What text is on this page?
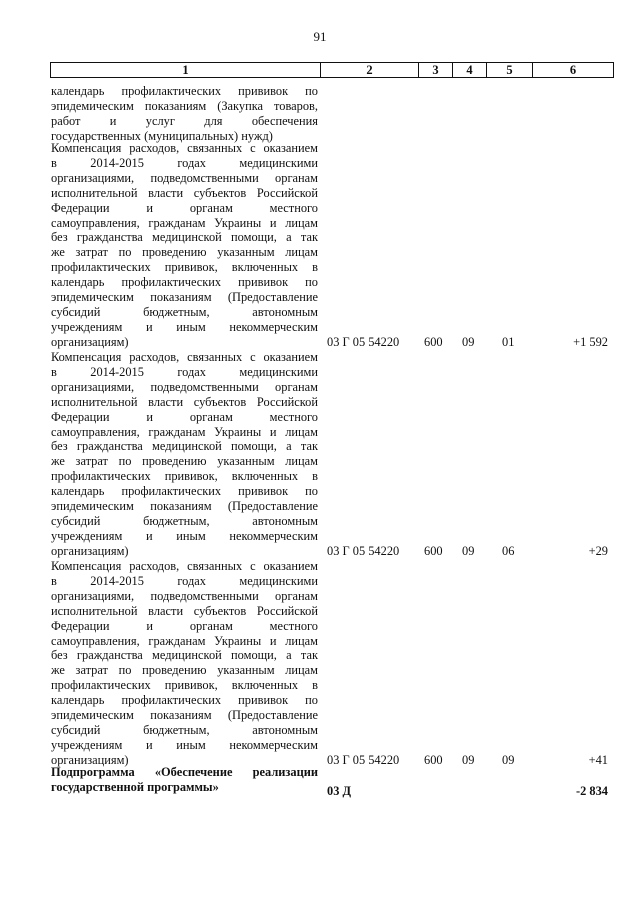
91
1	2	3	4	5	6
календарь профилактических прививок по
эпидемическим показаниям (Закупка товаров,
работ и услуг для обеспечения
государственных (муниципальных) нужд)
Компенсация расходов, связанных с оказанием
в 2014-2015 годах медицинскими
организациями, подведомственными органам
исполнительной власти субъектов Российской
Федерации и органам местного
самоуправления, гражданам Украины и лицам
без гражданства медицинской помощи, а так
же затрат по проведению указанным лицам
профилактических прививок, включенных в
календарь профилактических прививок по
эпидемическим показаниям (Предоставление
субсидий бюджетным, автономным
учреждениям и иным некоммерческим
организациям)	03 Г 05 54220 600 09 01	+1 592
Компенсация расходов, связанных с оказанием
в 2014-2015 годах медицинскими
организациями, подведомственными органам
исполнительной власти субъектов Российской
Федерации и органам местного
самоуправления, гражданам Украины и лицам
без гражданства медицинской помощи, а так
же затрат по проведению указанным лицам
профилактических прививок, включенных в
календарь профилактических прививок по
эпидемическим показаниям (Предоставление
субсидий бюджетным, автономным
учреждениям и иным некоммерческим
организациям)	03 Г 05 54220 600 09 06	+29
Компенсация расходов, связанных с оказанием
в 2014-2015 годах медицинскими
организациями, подведомственными органам
исполнительной власти субъектов Российской
Федерации и органам местного
самоуправления, гражданам Украины и лицам
без гражданства медицинской помощи, а так
же затрат по проведению указанным лицам
профилактических прививок, включенных в
календарь профилактических прививок по
эпидемическим показаниям (Предоставление
субсидий бюджетным, автономным
учреждениям и иным некоммерческим
организациям)	03 Г 05 54220 600 09 09	+41
Подпрограмма «Обеспечение реализации
государственной программы»	03 Д	-2 834
